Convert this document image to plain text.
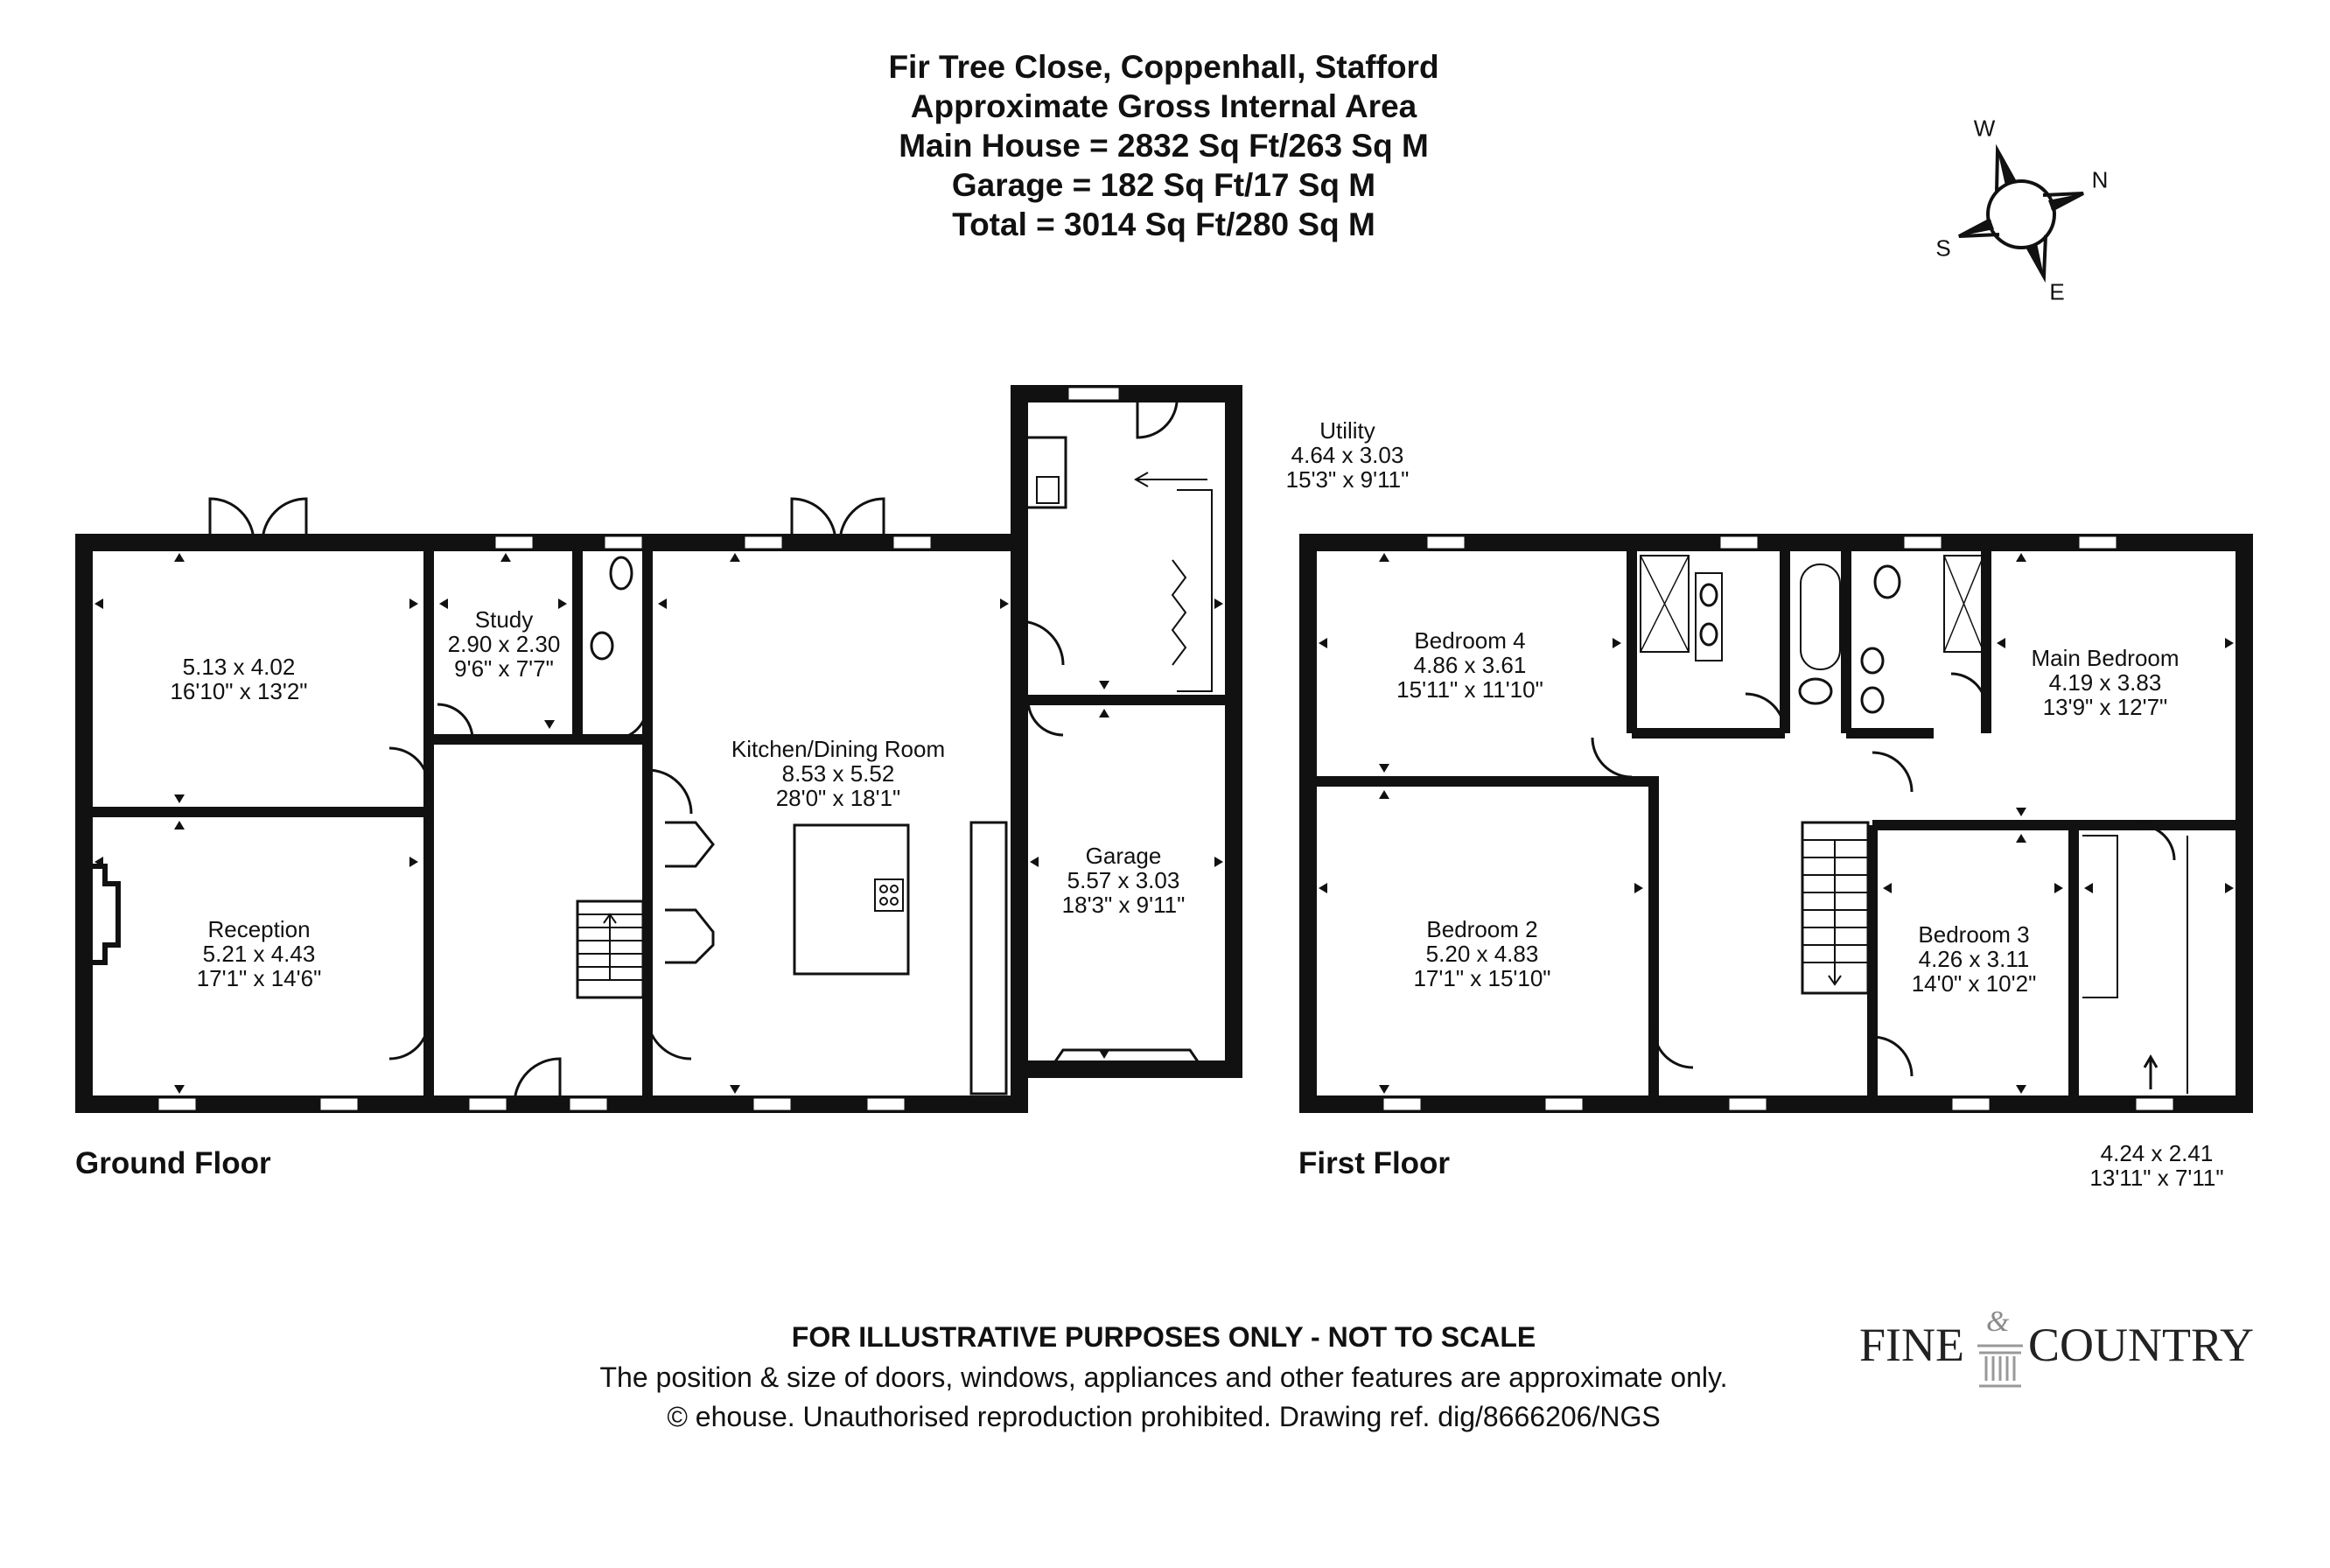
Fir Tree Close, Coppenhall, Stafford
Approximate Gross Internal Area
Main House = 2832 Sq Ft/263 Sq M
Garage = 182 Sq Ft/17 Sq M
Total = 3014 Sq Ft/280 Sq M
W
N
S
E
5.13 x 4.02
16'10" x 13'2"
Study
2.90 x 2.30
9'6" x 7'7"
Reception
5.21 x 4.43
17'1" x 14'6"
Kitchen/Dining Room
8.53 x 5.52
28'0" x 18'1"
Utility
4.64 x 3.03
15'3" x 9'11"
Garage
5.57 x 3.03
18'3" x 9'11"
Ground Floor
Bedroom 4
4.86 x 3.61
15'11" x 11'10"
Main Bedroom
4.19 x 3.83
13'9" x 12'7"
Bedroom 2
5.20 x 4.83
17'1" x 15'10"
Bedroom 3
4.26 x 3.11
14'0" x 10'2"
4.24 x 2.41
13'11" x 7'11"
First Floor
FOR ILLUSTRATIVE PURPOSES ONLY - NOT TO SCALE
The position & size of doors, windows, appliances and other features are approximate only.
© ehouse. Unauthorised reproduction prohibited. Drawing ref. dig/8666206/NGS
FINE & COUNTRY
